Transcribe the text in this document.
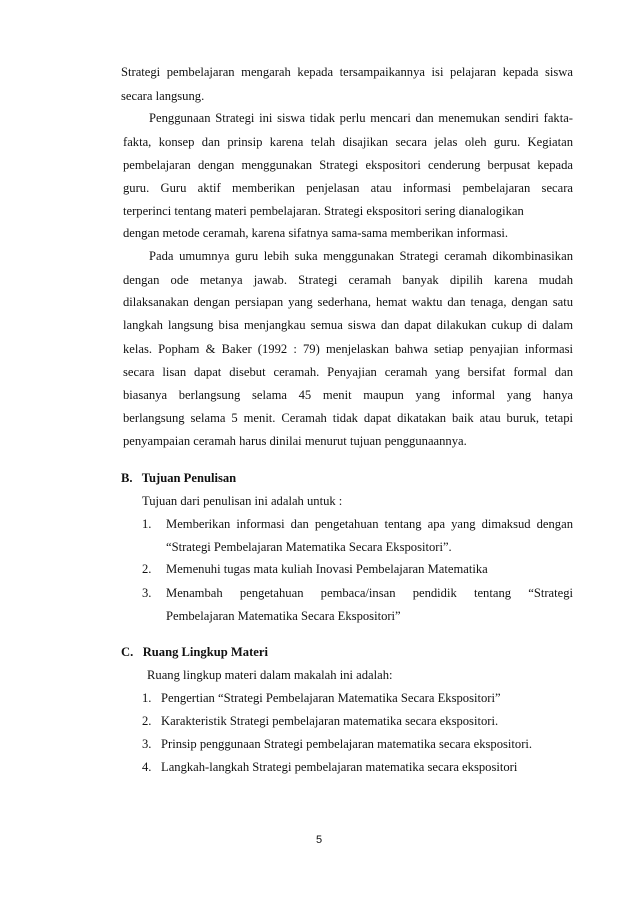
Strategi pembelajaran mengarah kepada tersampaikannya isi pelajaran kepada siswa
secara langsung.
Penggunaan Strategi ini siswa tidak perlu mencari dan menemukan sendiri fakta-
fakta, konsep dan prinsip karena telah disajikan secara jelas oleh guru. Kegiatan
pembelajaran dengan menggunakan Strategi ekspositori cenderung berpusat kepada
guru. Guru aktif memberikan penjelasan atau informasi pembelajaran secara
terperinci tentang materi pembelajaran. Strategi ekspositori sering dianalogikan
dengan metode ceramah, karena sifatnya sama-sama memberikan informasi.
Pada umumnya guru lebih suka menggunakan Strategi ceramah dikombinasikan
dengan ode metanya jawab. Strategi ceramah banyak dipilih karena mudah
dilaksanakan dengan persiapan yang sederhana, hemat waktu dan tenaga, dengan satu
langkah langsung bisa menjangkau semua siswa dan dapat dilakukan cukup di dalam
kelas. Popham & Baker (1992 : 79) menjelaskan bahwa setiap penyajian informasi
secara lisan dapat disebut ceramah. Penyajian ceramah yang bersifat formal dan
biasanya berlangsung selama 45 menit maupun yang informal yang hanya
berlangsung selama 5 menit. Ceramah tidak dapat dikatakan baik atau buruk, tetapi
penyampaian ceramah harus dinilai menurut tujuan penggunaannya.
B.   Tujuan Penulisan
Tujuan dari penulisan ini adalah untuk :
1. Memberikan informasi dan pengetahuan tentang apa yang dimaksud dengan
“Strategi Pembelajaran Matematika Secara Ekspositori”.
2. Memenuhi tugas mata kuliah Inovasi Pembelajaran Matematika
3. Menambah pengetahuan pembaca/insan pendidik tentang “Strategi
Pembelajaran Matematika Secara Ekspositori”
C.   Ruang Lingkup Materi
Ruang lingkup materi dalam makalah ini adalah:
1. Pengertian “Strategi Pembelajaran Matematika Secara Ekspositori”
2. Karakteristik Strategi pembelajaran matematika secara ekspositori.
3. Prinsip penggunaan Strategi pembelajaran matematika secara ekspositori.
4. Langkah-langkah Strategi pembelajaran matematika secara ekspositori
5
